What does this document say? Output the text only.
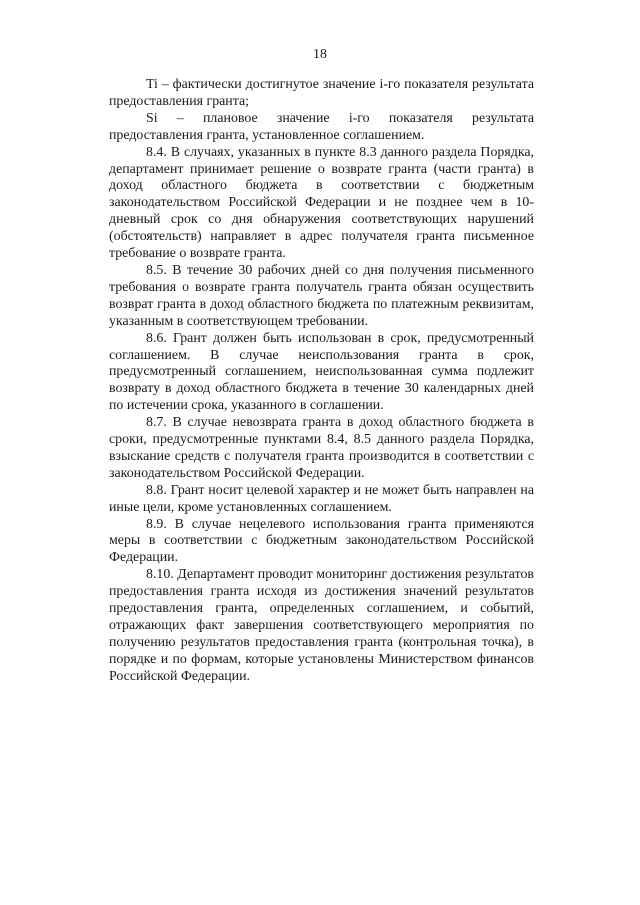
18

Ti – фактически достигнутое значение i-го показателя результата предоставления гранта;

Si – плановое значение i-го показателя результата предоставления гранта, установленное соглашением.

8.4. В случаях, указанных в пункте 8.3 данного раздела Порядка, департамент принимает решение о возврате гранта (части гранта) в доход областного бюджета в соответствии с бюджетным законодательством Российской Федерации и не позднее чем в 10-дневный срок со дня обнаружения соответствующих нарушений (обстоятельств) направляет в адрес получателя гранта письменное требование о возврате гранта.

8.5. В течение 30 рабочих дней со дня получения письменного требования о возврате гранта получатель гранта обязан осуществить возврат гранта в доход областного бюджета по платежным реквизитам, указанным в соответствующем требовании.

8.6. Грант должен быть использован в срок, предусмотренный соглашением. В случае неиспользования гранта в срок, предусмотренный соглашением, неиспользованная сумма подлежит возврату в доход областного бюджета в течение 30 календарных дней по истечении срока, указанного в соглашении.

8.7. В случае невозврата гранта в доход областного бюджета в сроки, предусмотренные пунктами 8.4, 8.5 данного раздела Порядка, взыскание средств с получателя гранта производится в соответствии с законодательством Российской Федерации.

8.8. Грант носит целевой характер и не может быть направлен на иные цели, кроме установленных соглашением.

8.9. В случае нецелевого использования гранта применяются меры в соответствии с бюджетным законодательством Российской Федерации.

8.10. Департамент проводит мониторинг достижения результатов предоставления гранта исходя из достижения значений результатов предоставления гранта, определенных соглашением, и событий, отражающих факт завершения соответствующего мероприятия по получению результатов предоставления гранта (контрольная точка), в порядке и по формам, которые установлены Министерством финансов Российской Федерации.
